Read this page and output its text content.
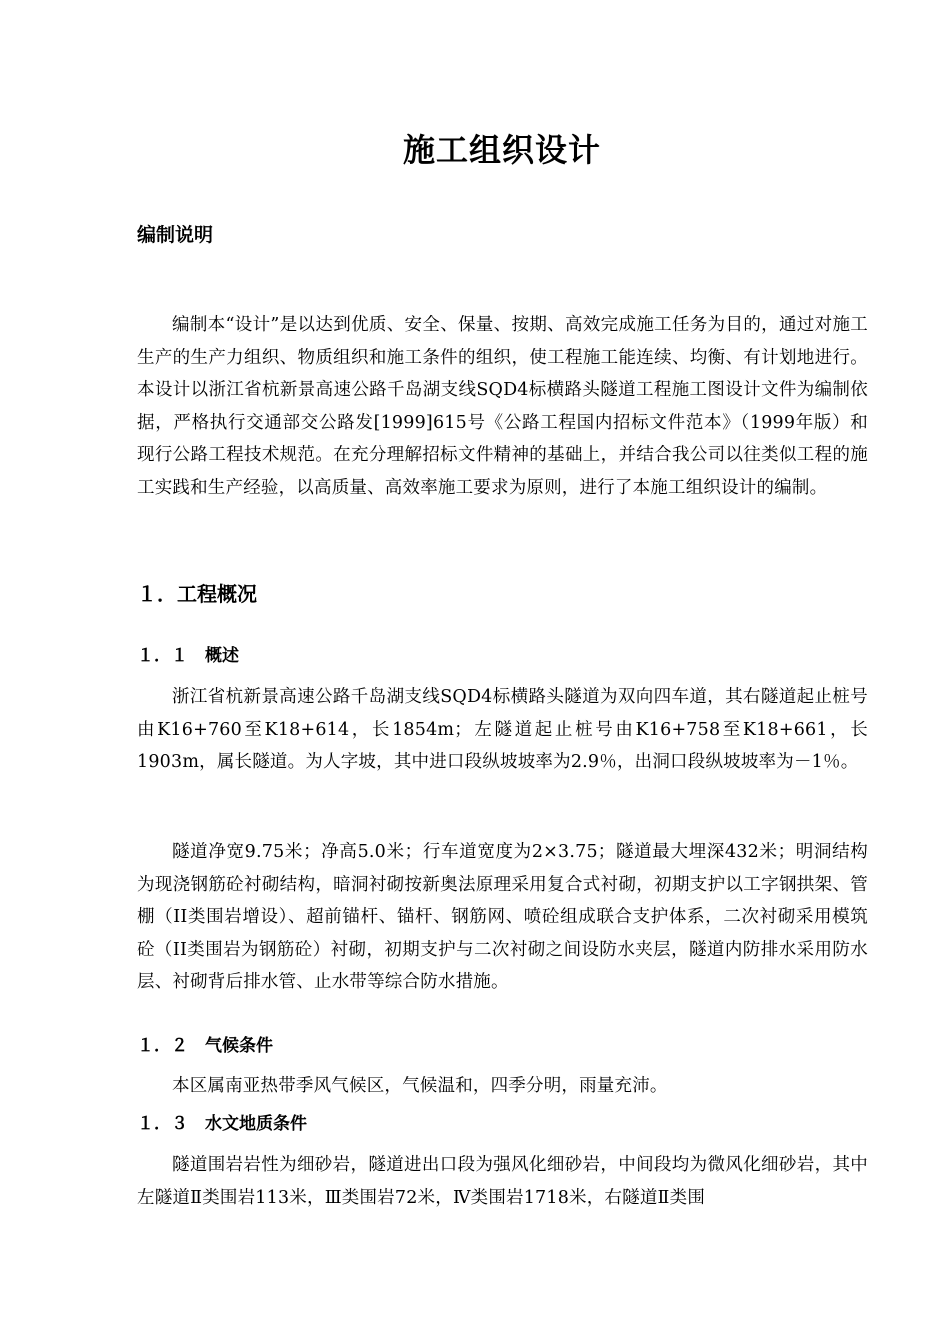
施工组织设计
编制说明

编制本“设计”是以达到优质、安全、保量、按期、高效完成施工任务为目的，通过对施工生产的生产力组织、物质组织和施工条件的组织，使工程施工能连续、均衡、有计划地进行。本设计以浙江省杭新景高速公路千岛湖支线SQD4标横路头隧道工程施工图设计文件为编制依据，严格执行交通部交公路发[1999]615号《公路工程国内招标文件范本》（1999年版）和现行公路工程技术规范。在充分理解招标文件精神的基础上，并结合我公司以往类似工程的施工实践和生产经验，以高质量、高效率施工要求为原则，进行了本施工组织设计的编制。

１．工程概况
１．１　概述

浙江省杭新景高速公路千岛湖支线SQD4标横路头隧道为双向四车道，其右隧道起止桩号由K16+760至K18+614，长1854m；左隧道起止桩号由K16+758至K18+661，长1903m，属长隧道。为人字坡，其中进口段纵坡坡率为2.9％，出洞口段纵坡坡率为－1％。

隧道净宽9.75米；净高5.0米；行车道宽度为2×3.75；隧道最大埋深432米；明洞结构为现浇钢筋砼衬砌结构，暗洞衬砌按新奥法原理采用复合式衬砌，初期支护以工字钢拱架、管棚（II类围岩增设）、超前锚杆、锚杆、钢筋网、喷砼组成联合支护体系，二次衬砌采用模筑砼（II类围岩为钢筋砼）衬砌，初期支护与二次衬砌之间设防水夹层，隧道内防排水采用防水层、衬砌背后排水管、止水带等综合防水措施。

１．２　气候条件

本区属南亚热带季风气候区，气候温和，四季分明，雨量充沛。

１．３　水文地质条件

隧道围岩岩性为细砂岩，隧道进出口段为强风化细砂岩，中间段均为微风化细砂岩，其中左隧道Ⅱ类围岩113米，Ⅲ类围岩72米，Ⅳ类围岩1718米，右隧道Ⅱ类围
